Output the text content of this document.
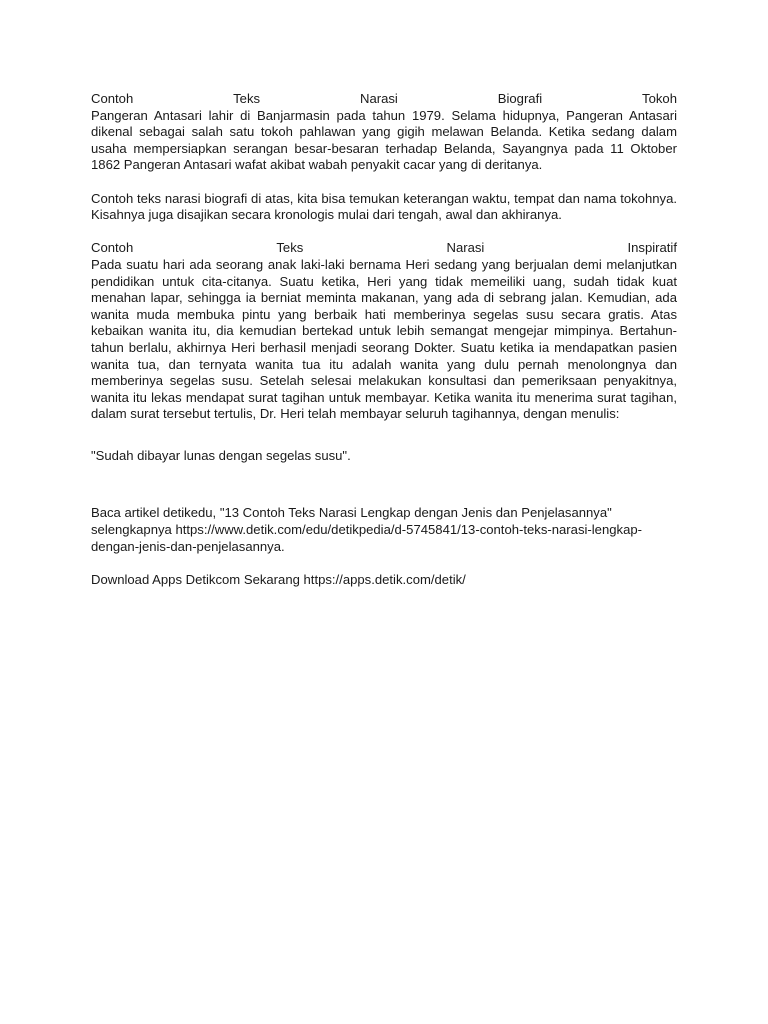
Contoh	Teks	Narasi	Biografi	Tokoh

Pangeran Antasari lahir di Banjarmasin pada tahun 1979. Selama hidupnya, Pangeran Antasari dikenal sebagai salah satu tokoh pahlawan yang gigih melawan Belanda. Ketika sedang dalam usaha mempersiapkan serangan besar-besaran terhadap Belanda, Sayangnya pada 11 Oktober 1862 Pangeran Antasari wafat akibat wabah penyakit cacar yang di deritanya.

Contoh teks narasi biografi di atas, kita bisa temukan keterangan waktu, tempat dan nama tokohnya. Kisahnya juga disajikan secara kronologis mulai dari tengah, awal dan akhiranya.

Contoh	Teks	Narasi	Inspiratif

Pada suatu hari ada seorang anak laki-laki bernama Heri sedang yang berjualan demi melanjutkan pendidikan untuk cita-citanya. Suatu ketika, Heri yang tidak memeiliki uang, sudah tidak kuat menahan lapar, sehingga ia berniat meminta makanan, yang ada di sebrang jalan. Kemudian, ada wanita muda membuka pintu yang berbaik hati memberinya segelas susu secara gratis. Atas kebaikan wanita itu, dia kemudian bertekad untuk lebih semangat mengejar mimpinya. Bertahun-tahun berlalu, akhirnya Heri berhasil menjadi seorang Dokter. Suatu ketika ia mendapatkan pasien wanita tua, dan ternyata wanita tua itu adalah wanita yang dulu pernah menolongnya dan memberinya segelas susu. Setelah selesai melakukan konsultasi dan pemeriksaan penyakitnya, wanita itu lekas mendapat surat tagihan untuk membayar. Ketika wanita itu menerima surat tagihan, dalam surat tersebut tertulis, Dr. Heri telah membayar seluruh tagihannya, dengan menulis:

"Sudah dibayar lunas dengan segelas susu".

Baca artikel detikedu, "13 Contoh Teks Narasi Lengkap dengan Jenis dan Penjelasannya" selengkapnya https://www.detik.com/edu/detikpedia/d-5745841/13-contoh-teks-narasi-lengkap-dengan-jenis-dan-penjelasannya.

Download Apps Detikcom Sekarang https://apps.detik.com/detik/
